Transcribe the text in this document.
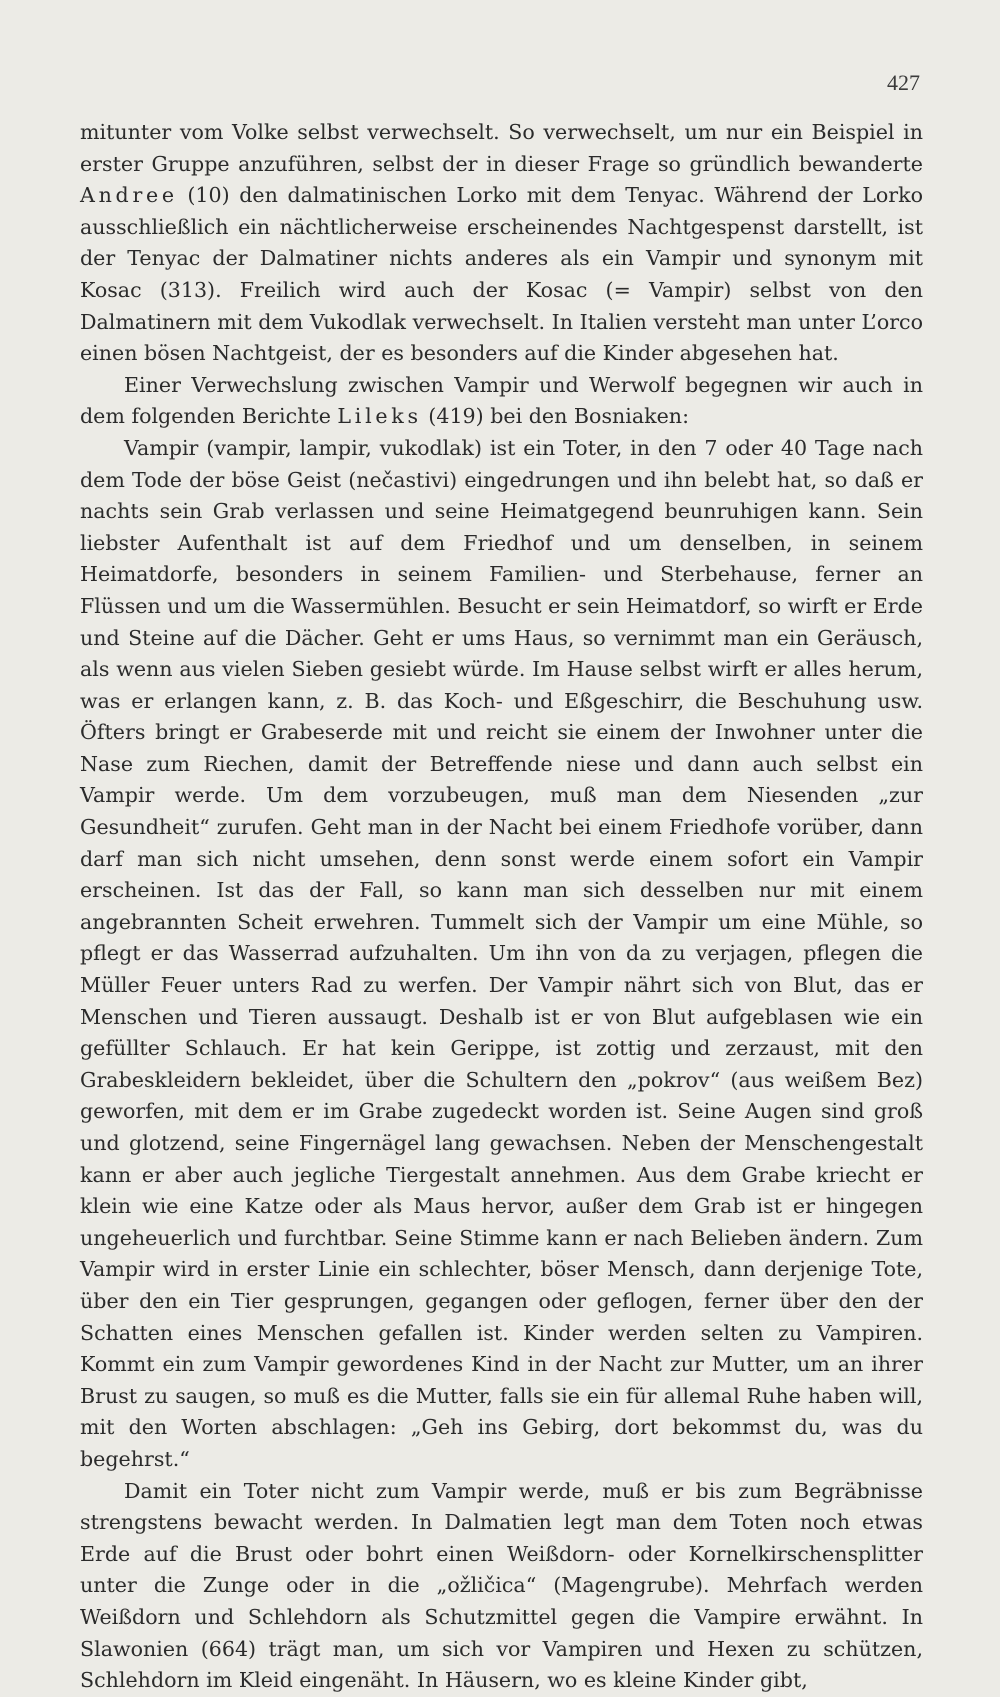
427

mitunter vom Volke selbst verwechselt. So verwechselt, um nur ein Beispiel in erster Gruppe anzuführen, selbst der in dieser Frage so gründlich bewanderte Andree (10) den dalmatinischen Lorko mit dem Tenyac. Während der Lorko ausschließlich ein nächtlicherweise erscheinendes Nachtgespenst darstellt, ist der Tenyac der Dalmatiner nichts anderes als ein Vampir und synonym mit Kosac (313). Freilich wird auch der Kosac (= Vampir) selbst von den Dalmatinern mit dem Vukodlak verwechselt. In Italien versteht man unter L’orco einen bösen Nachtgeist, der es besonders auf die Kinder abgesehen hat.

Einer Verwechslung zwischen Vampir und Werwolf begegnen wir auch in dem folgenden Berichte Lileks (419) bei den Bosniaken:

Vampir (vampir, lampir, vukodlak) ist ein Toter, in den 7 oder 40 Tage nach dem Tode der böse Geist (nečastivi) eingedrungen und ihn belebt hat, so daß er nachts sein Grab verlassen und seine Heimatgegend beunruhigen kann. Sein liebster Aufenthalt ist auf dem Friedhof und um denselben, in seinem Heimatdorfe, besonders in seinem Familien- und Sterbehause, ferner an Flüssen und um die Wassermühlen. Besucht er sein Heimatdorf, so wirft er Erde und Steine auf die Dächer. Geht er ums Haus, so vernimmt man ein Geräusch, als wenn aus vielen Sieben gesiebt würde. Im Hause selbst wirft er alles herum, was er erlangen kann, z. B. das Koch- und Eßgeschirr, die Beschuhung usw. Öfters bringt er Grabeserde mit und reicht sie einem der Inwohner unter die Nase zum Riechen, damit der Betreffende niese und dann auch selbst ein Vampir werde. Um dem vorzubeugen, muß man dem Niesenden „zur Gesundheit“ zurufen. Geht man in der Nacht bei einem Friedhofe vorüber, dann darf man sich nicht umsehen, denn sonst werde einem sofort ein Vampir erscheinen. Ist das der Fall, so kann man sich desselben nur mit einem angebrannten Scheit erwehren. Tummelt sich der Vampir um eine Mühle, so pflegt er das Wasserrad aufzuhalten. Um ihn von da zu verjagen, pflegen die Müller Feuer unters Rad zu werfen. Der Vampir nährt sich von Blut, das er Menschen und Tieren aussaugt. Deshalb ist er von Blut aufgeblasen wie ein gefüllter Schlauch. Er hat kein Gerippe, ist zottig und zerzaust, mit den Grabeskleidern bekleidet, über die Schultern den „pokrov“ (aus weißem Bez) geworfen, mit dem er im Grabe zugedeckt worden ist. Seine Augen sind groß und glotzend, seine Fingernägel lang gewachsen. Neben der Menschengestalt kann er aber auch jegliche Tiergestalt annehmen. Aus dem Grabe kriecht er klein wie eine Katze oder als Maus hervor, außer dem Grab ist er hingegen ungeheuerlich und furchtbar. Seine Stimme kann er nach Belieben ändern. Zum Vampir wird in erster Linie ein schlechter, böser Mensch, dann derjenige Tote, über den ein Tier gesprungen, gegangen oder geflogen, ferner über den der Schatten eines Menschen gefallen ist. Kinder werden selten zu Vampiren. Kommt ein zum Vampir gewordenes Kind in der Nacht zur Mutter, um an ihrer Brust zu saugen, so muß es die Mutter, falls sie ein für allemal Ruhe haben will, mit den Worten abschlagen: „Geh ins Gebirg, dort bekommst du, was du begehrst.“

Damit ein Toter nicht zum Vampir werde, muß er bis zum Begräbnisse strengstens bewacht werden. In Dalmatien legt man dem Toten noch etwas Erde auf die Brust oder bohrt einen Weißdorn- oder Kornelkirschensplitter unter die Zunge oder in die „ožličica“ (Magengrube). Mehrfach werden Weißdorn und Schlehdorn als Schutzmittel gegen die Vampire erwähnt. In Slawonien (664) trägt man, um sich vor Vampiren und Hexen zu schützen, Schlehdorn im Kleid eingenäht. In Häusern, wo es kleine Kinder gibt,
